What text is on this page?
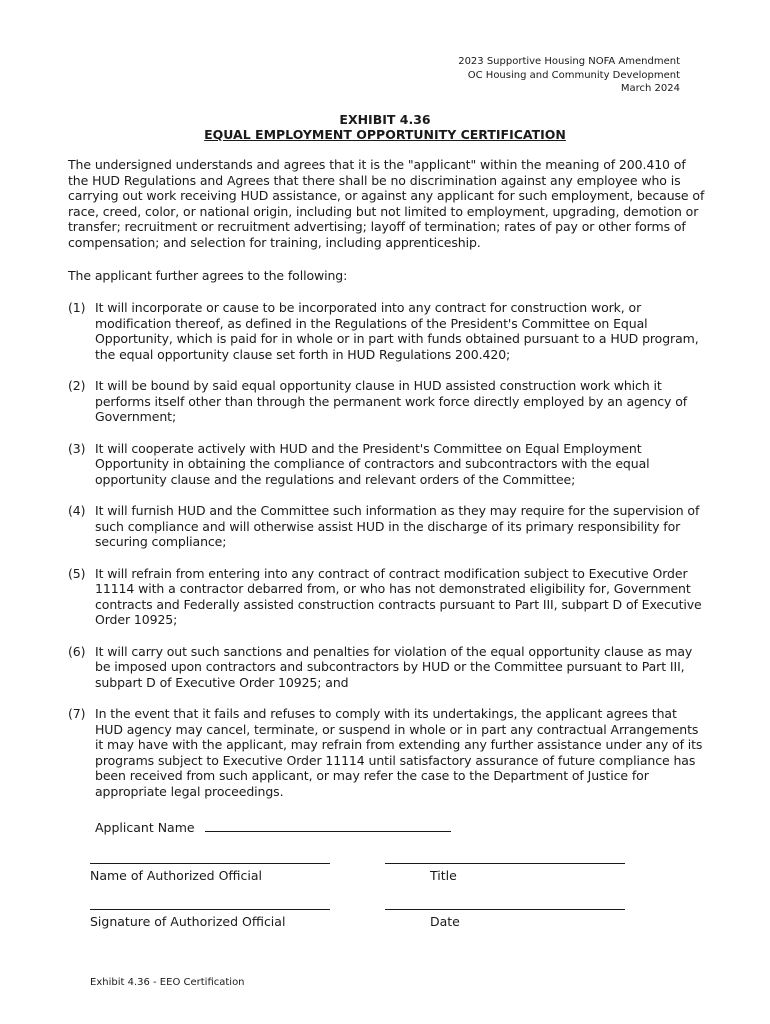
2023 Supportive Housing NOFA Amendment
OC Housing and Community Development
March 2024
EXHIBIT 4.36
EQUAL EMPLOYMENT OPPORTUNITY CERTIFICATION
The undersigned understands and agrees that it is the "applicant" within the meaning of 200.410 of the HUD Regulations and Agrees that there shall be no discrimination against any employee who is carrying out work receiving HUD assistance, or against any applicant for such employment, because of race, creed, color, or national origin, including but not limited to employment, upgrading, demotion or transfer; recruitment or recruitment advertising; layoff of termination; rates of pay or other forms of compensation; and selection for training, including apprenticeship.
The applicant further agrees to the following:
(1) It will incorporate or cause to be incorporated into any contract for construction work, or modification thereof, as defined in the Regulations of the President's Committee on Equal Opportunity, which is paid for in whole or in part with funds obtained pursuant to a HUD program, the equal opportunity clause set forth in HUD Regulations 200.420;
(2) It will be bound by said equal opportunity clause in HUD assisted construction work which it performs itself other than through the permanent work force directly employed by an agency of Government;
(3) It will cooperate actively with HUD and the President's Committee on Equal Employment Opportunity in obtaining the compliance of contractors and subcontractors with the equal opportunity clause and the regulations and relevant orders of the Committee;
(4) It will furnish HUD and the Committee such information as they may require for the supervision of such compliance and will otherwise assist HUD in the discharge of its primary responsibility for securing compliance;
(5) It will refrain from entering into any contract of contract modification subject to Executive Order 11114 with a contractor debarred from, or who has not demonstrated eligibility for, Government contracts and Federally assisted construction contracts pursuant to Part III, subpart D of Executive Order 10925;
(6) It will carry out such sanctions and penalties for violation of the equal opportunity clause as may be imposed upon contractors and subcontractors by HUD or the Committee pursuant to Part III, subpart D of Executive Order 10925; and
(7) In the event that it fails and refuses to comply with its undertakings, the applicant agrees that HUD agency may cancel, terminate, or suspend in whole or in part any contractual Arrangements it may have with the applicant, may refrain from extending any further assistance under any of its programs subject to Executive Order 11114 until satisfactory assurance of future compliance has been received from such applicant, or may refer the case to the Department of Justice for appropriate legal proceedings.
Applicant Name
Name of Authorized Official	Title
Signature of Authorized Official	Date
Exhibit 4.36 - EEO Certification
